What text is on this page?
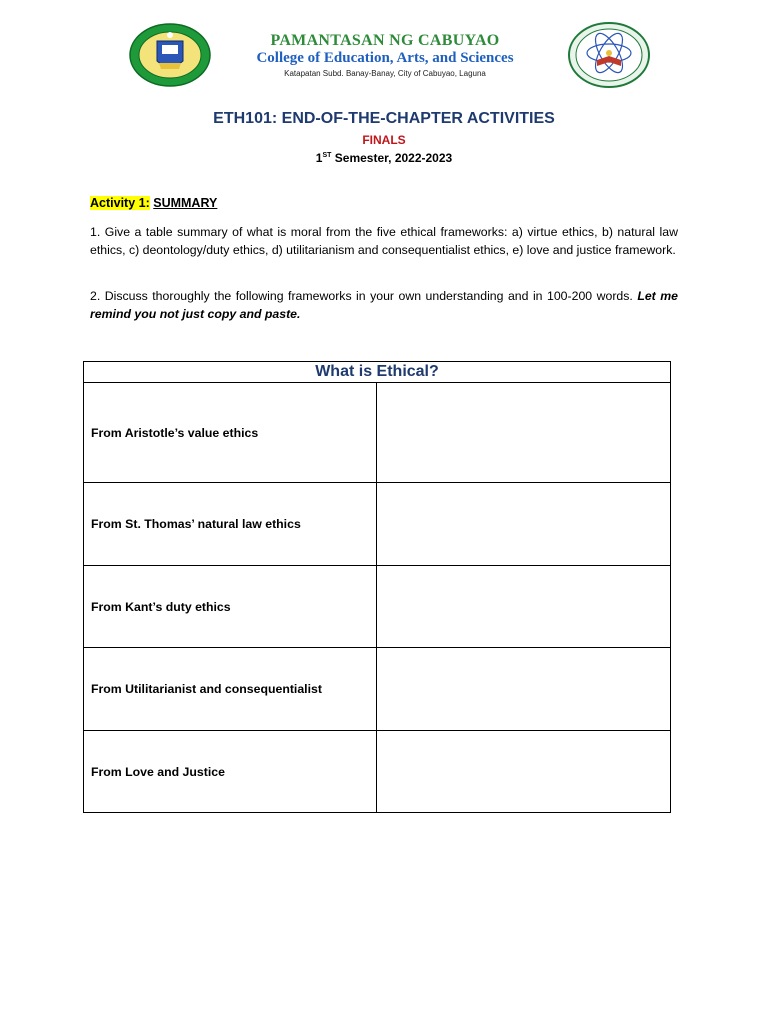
PAMANTASAN NG CABUYAO
College of Education, Arts, and Sciences
Katapatan Subd. Banay-Banay, City of Cabuyao, Laguna
ETH101: END-OF-THE-CHAPTER ACTIVITIES
FINALS
1ST Semester, 2022-2023
Activity 1: SUMMARY
1. Give a table summary of what is moral from the five ethical frameworks: a) virtue ethics, b) natural law ethics, c) deontology/duty ethics, d) utilitarianism and consequentialist ethics, e) love and justice framework.
2. Discuss thoroughly the following frameworks in your own understanding and in 100-200 words. Let me remind you not just copy and paste.
What is Ethical?	
From Aristotle’s value ethics	
From St. Thomas’ natural law ethics	
From Kant’s duty ethics	
From Utilitarianist and consequentialist	
From Love and Justice	
